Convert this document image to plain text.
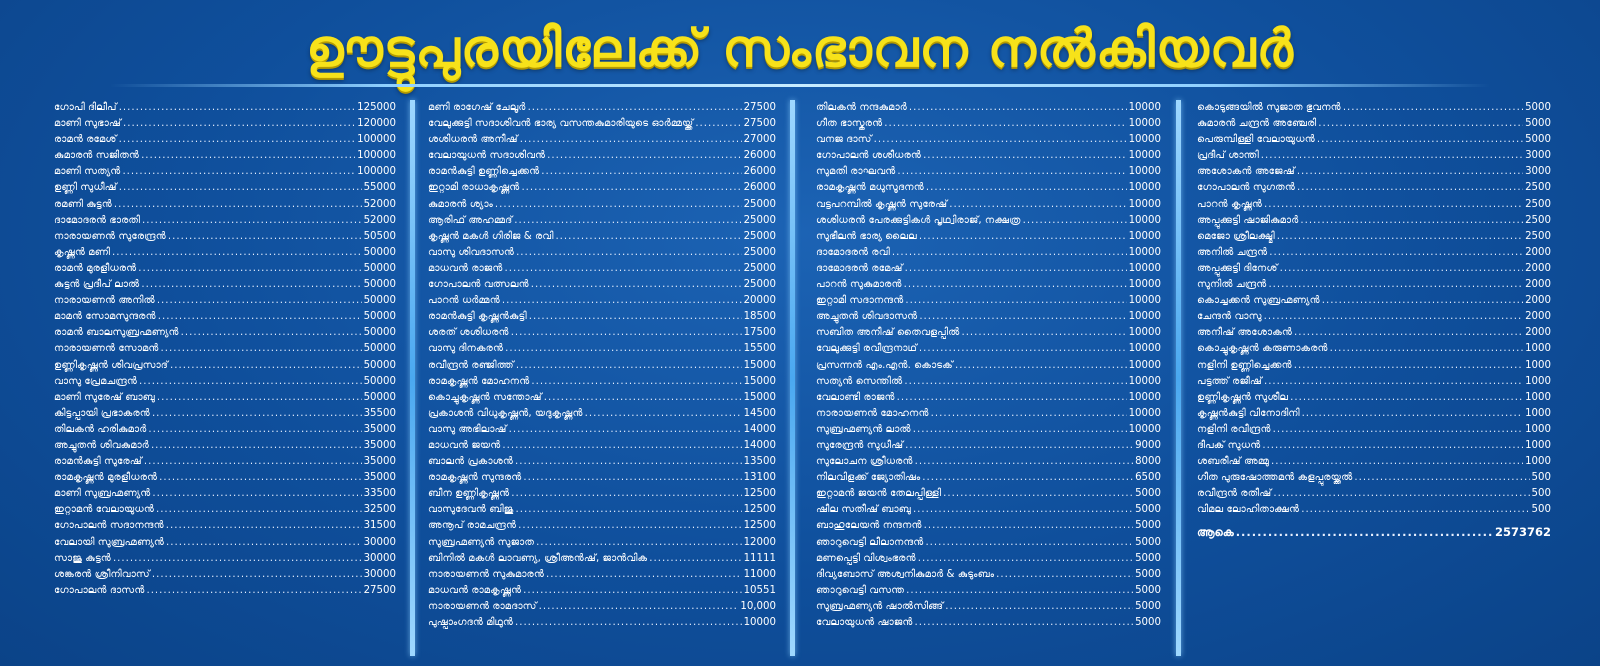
ഊട്ടുപുരയിലേക്ക് സംഭാവന നൽകിയവർ
ഗോപി ദിലീപ് .....	125000
മാണി സുഭാഷ് .....	120000
രാമൻ രമേശ് .....	100000
കുമാരൻ സജിതൻ .....	100000
മാണി സത്യൻ .....	100000
ഉണ്ണി സുധീഷ് .....	55000
രമണി കുട്ടൻ .....	52000
ദാമോദരൻ ഭാരതി .....	52000
നാരായണൻ സുരേന്ദ്രൻ .....	50500
കൃഷ്ണൻ മണി .....	50000
രാമൻ മുരളീധരൻ .....	50000
കുട്ടൻ പ്രദീപ് ലാൽ .....	50000
നാരായണൻ അനിൽ .....	50000
മാമൻ സോമസുന്ദരൻ .....	50000
രാമൻ ബാലസുബ്രഹ്മണ്യൻ .....	50000
നാരായണൻ സോമൻ .....	50000
ഉണ്ണികൃഷ്ണൻ ശിവപ്രസാദ് .....	50000
വാസു പ്രേമചന്ദ്രൻ .....	50000
മാണി സുരേഷ് ബാബു .....	50000
കിട്ടപ്പായി പ്രഭാകരൻ .....	35500
തിലകൻ ഹരികുമാർ .....	35000
അച്ചുതൻ ശിവകുമാർ .....	35000
രാമൻകുട്ടി സുരേഷ് .....	35000
രാമകൃഷ്ണൻ മുരളീധരൻ .....	35000
മാണി സുബ്രഹ്മണ്യൻ .....	33500
ഇറ്റാമൻ വേലായുധൻ .....	32500
ഗോപാലൻ സദാനന്ദൻ .....	31500
വേലായി സുബ്രഹ്മണ്യൻ .....	30000
സാജു കുട്ടൻ .....	30000
ശങ്കരൻ ശ്രീനിവാസ് .....	30000
ഗോപാലൻ ദാസൻ .....	27500
മണി രാഗേഷ് ചേലൂർ .....	27500
വേലുക്കുട്ടി സദാശിവൻ ഭാര്യ വസന്തകുമാരിയുടെ ഓർമ്മയ്ക്ക് .....	27500
ശശിധരൻ അനീഷ് .....	27000
വേലായുധൻ സദാശിവൻ .....	26000
രാമൻകുട്ടി ഉണ്ണിച്ചെക്കൻ .....	26000
ഇറ്റാമി രാധാകൃഷ്ണൻ .....	26000
കുമാരൻ ശ്യാം .....	25000
ആരിഫ് അഹമ്മദ് .....	25000
കൃഷ്ണൻ മകൾ ഗിരിജ & രവി .....	25000
വാസു ശിവദാസൻ .....	25000
മാധവൻ രാജൻ .....	25000
ഗോപാലൻ വത്സലൻ .....	25000
പാറൻ ധർമ്മൻ .....	20000
രാമൻകുട്ടി കൃഷ്ണൻകുട്ടി .....	18500
ശരത് ശശിധരൻ .....	17500
വാസു ദിനകരൻ .....	15500
രവീന്ദ്രൻ രഞ്ജിത്ത് .....	15000
രാമകൃഷ്ണൻ മോഹനൻ .....	15000
കൊച്ചുകൃഷ്ണൻ സന്തോഷ് .....	15000
പ്രകാശൻ വിധുകൃഷ്ണൻ, യദുകൃഷ്ണൻ .....	14500
വാസു അഭിലാഷ് .....	14000
മാധവൻ ജയൻ .....	14000
ബാലൻ പ്രകാശൻ .....	13500
രാമകൃഷ്ണൻ സുന്ദരൻ .....	13100
ബീന ഉണ്ണികൃഷ്ണൻ .....	12500
വാസുദേവൻ ബിജു .....	12500
അനൂപ് രാമചന്ദ്രൻ .....	12500
സുബ്രഹ്മണ്യൻ സുജാത .....	12000
ബിനിൽ മകൾ ലാവണ്യ, ശ്രീഅൻഷ്, ജാൻവിക .....	11111
നാരായണൻ സുകുമാരൻ .....	11000
മാധവൻ രാമകൃഷ്ണൻ .....	10551
നാരായണൻ രാമദാസ് .....	10,000
പുഷ്പാംഗദൻ മിഥുൻ .....	10000
തിലകൻ നന്ദകുമാർ .....	10000
ഗീത ഭാസ്കരൻ .....	10000
വനജ ദാസ് .....	10000
ഗോപാലൻ ശശീധരൻ .....	10000
സുമതി രാഘവൻ .....	10000
രാമകൃഷ്ണൻ മധുസൂദനൻ .....	10000
വട്ടപറമ്പിൽ കൃഷ്ണൻ സുരേഷ് .....	10000
ശശിധരൻ പേരക്കുട്ടികൾ പൃഥ്വിരാജ്, നക്ഷത്ര .....	10000
സുഭീലൻ ഭാര്യ ലൈല .....	10000
ദാമോദരൻ രവി .....	10000
ദാമോദരൻ രമേഷ് .....	10000
പാറൻ സുകുമാരൻ .....	10000
ഇറ്റാമി സദാനന്ദൻ .....	10000
അച്ചുതൻ ശിവദാസൻ .....	10000
സബിത അനീഷ് തൈവളപ്പിൽ .....	10000
വേലുക്കുട്ടി രവീന്ദ്രനാഥ് .....	10000
പ്രസന്നൻ എം.എൻ. കൊടക് .....	10000
സത്യൻ സെന്തിൽ .....	10000
വേലാണ്ടി രാജൻ .....	10000
നാരായണൻ മോഹനൻ .....	10000
സുബ്രഹ്മണ്യൻ ലാൽ .....	10000
സുരേന്ദ്രൻ സുധീഷ് .....	9000
സുലോചന ശ്രീധരൻ .....	8000
നിലവിളക്ക് ജ്യോതിഷം .....	6500
ഇറ്റാമൻ ജയൻ തേലപ്പിള്ളി .....	5000
ഷീല സതീഷ് ബാബു .....	5000
ബാഹുലേയൻ നന്ദനൻ .....	5000
ഞാറുവെട്ടി ലീലാനന്ദൻ .....	5000
മണപ്പെട്ടി വിശ്വംഭരൻ .....	5000
ദിവ്യബോസ് അശ്വനികുമാർ & കുടുംബം .....	5000
ഞാറുവെട്ടി വസന്ത .....	5000
സുബ്രഹ്മണ്യൻ ഷാൽസിങ്ങ് .....	5000
വേലായുധൻ ഷാജൻ .....	5000
കൊടുങ്ങയിൽ സുജാത ഭുവനൻ .....	5000
കുമാരൻ ചന്ദ്രൻ അഞ്ചേരി .....	5000
പെരുമ്പിള്ളി വേലായുധൻ .....	5000
പ്രദീപ് ശാന്തി .....	3000
അശോകൻ അജേഷ് .....	3000
ഗോപാലൻ സുഗതൻ .....	2500
പാറൻ കൃഷ്ണൻ .....	2500
അപ്പുക്കുട്ടി ഷാജികുമാർ .....	2500
മെജോ ശ്രീലക്ഷ്മി .....	2500
അനിൽ ചന്ദ്രൻ .....	2000
അപ്പുക്കുട്ടി ദിനേശ് .....	2000
സുനിൽ ചന്ദ്രൻ .....	2000
കൊച്ചക്കൻ സുബ്രഹ്മണ്യൻ .....	2000
ചേന്ദൻ വാസു .....	2000
അനീഷ് അശോകൻ .....	2000
കൊച്ചുകൃഷ്ണൻ കരുണാകരൻ .....	1000
നളിനി ഉണ്ണിച്ചെക്കൻ .....	1000
പട്ടത്ത് രജീഷ് .....	1000
ഉണ്ണികൃഷ്ണൻ സുശീല .....	1000
കൃഷ്ണൻകുട്ടി വിനോദിനി .....	1000
നളിനി രവീന്ദ്രൻ .....	1000
ദീപക് സുധൻ .....	1000
ശബരീഷ് അമ്മു .....	1000
ഗീത പുരുഷോത്തമൻ കളപ്പുരയ്ക്കൽ .....	500
രവീന്ദ്രൻ രതീഷ് .....	500
വിമല ലോഹിതാക്ഷൻ .....	500
ആകെ .....	2573762
